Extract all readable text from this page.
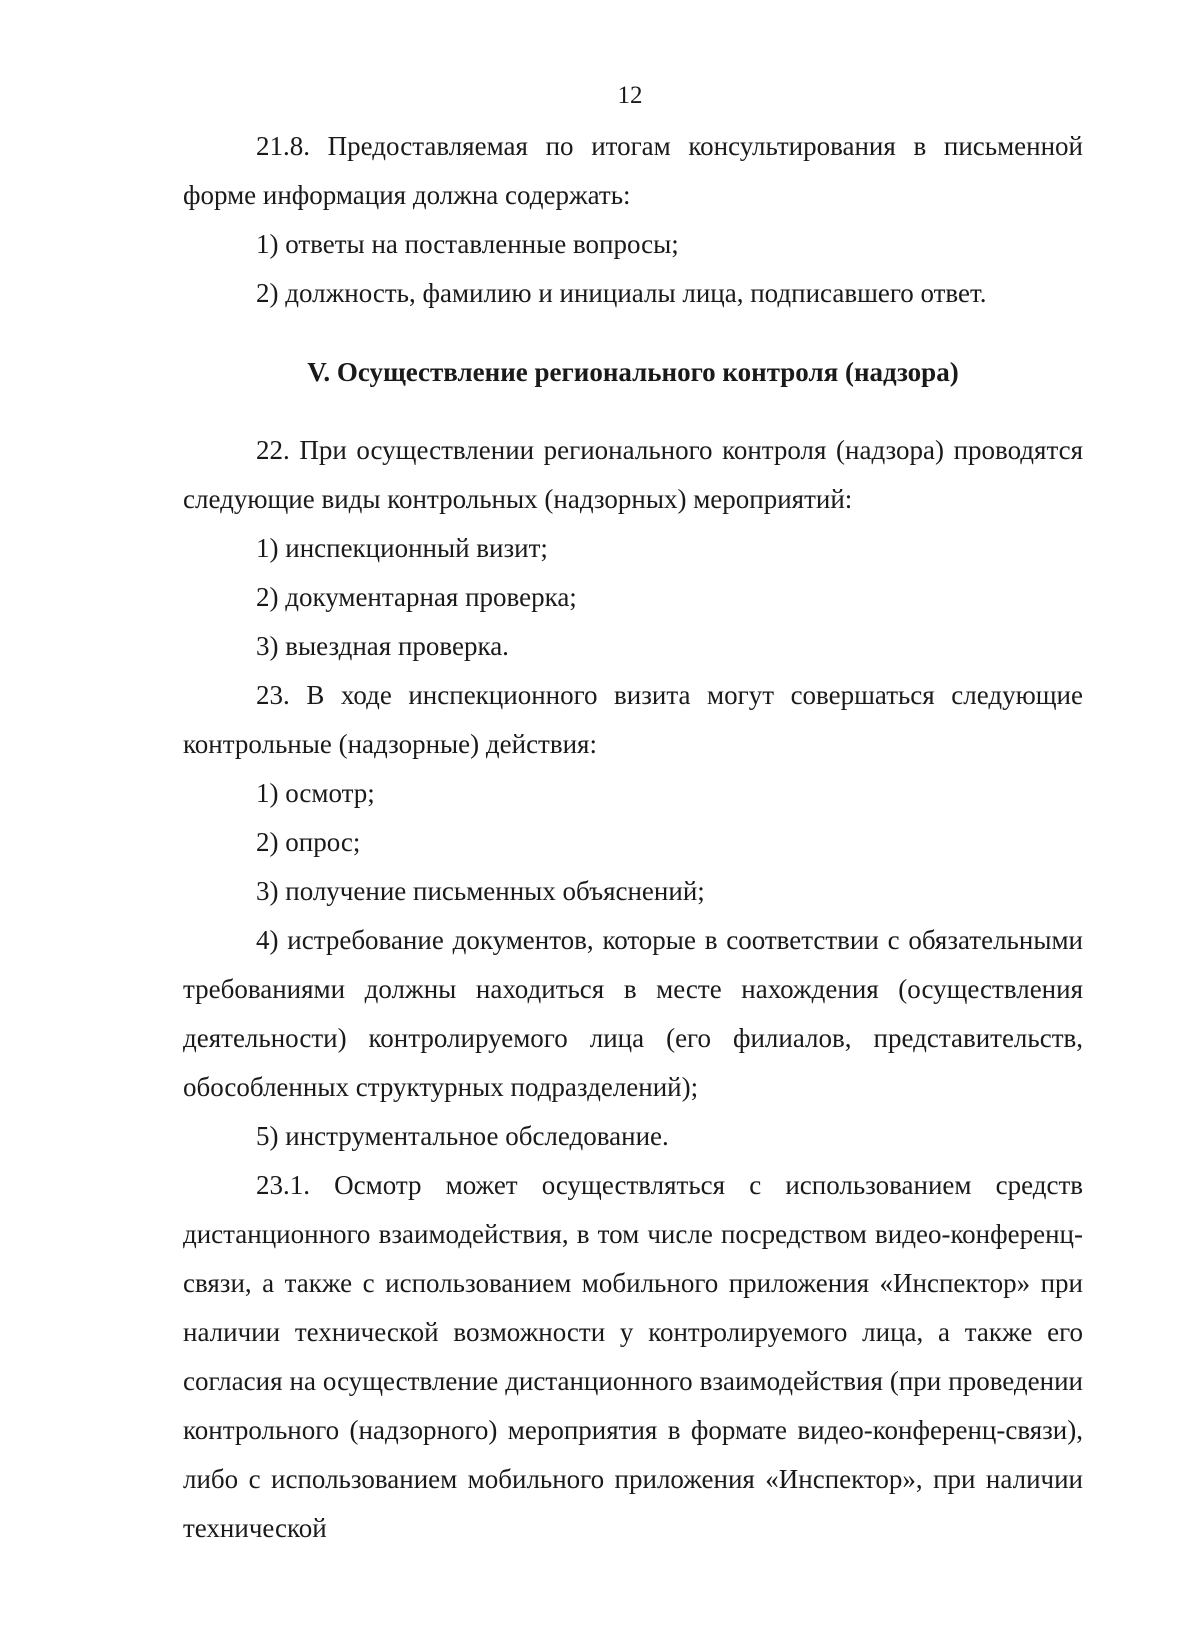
12

21.8. Предоставляемая по итогам консультирования в письменной форме информация должна содержать:

1) ответы на поставленные вопросы;

2) должность, фамилию и инициалы лица, подписавшего ответ.

V. Осуществление регионального контроля (надзора)

22. При осуществлении регионального контроля (надзора) проводятся следующие виды контрольных (надзорных) мероприятий:

1) инспекционный визит;

2) документарная проверка;

3) выездная проверка.

23. В ходе инспекционного визита могут совершаться следующие контрольные (надзорные) действия:

1) осмотр;

2) опрос;

3) получение письменных объяснений;

4) истребование документов, которые в соответствии с обязательными требованиями должны находиться в месте нахождения (осуществления деятельности) контролируемого лица (его филиалов, представительств, обособленных структурных подразделений);

5) инструментальное обследование.

23.1. Осмотр может осуществляться с использованием средств дистанционного взаимодействия, в том числе посредством видео-конференц-связи, а также с использованием мобильного приложения «Инспектор» при наличии технической возможности у контролируемого лица, а также его согласия на осуществление дистанционного взаимодействия (при проведении контрольного (надзорного) мероприятия в формате видео-конференц-связи), либо с использованием мобильного приложения «Инспектор», при наличии технической
